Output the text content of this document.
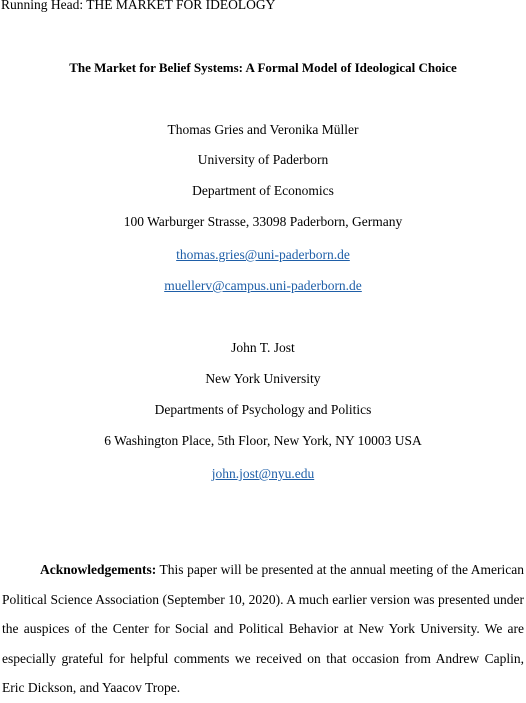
Running Head: THE MARKET FOR IDEOLOGY
The Market for Belief Systems: A Formal Model of Ideological Choice
Thomas Gries and Veronika Müller
University of Paderborn
Department of Economics
100 Warburger Strasse, 33098 Paderborn, Germany
thomas.gries@uni-paderborn.de
muellerv@campus.uni-paderborn.de
John T. Jost
New York University
Departments of Psychology and Politics
6 Washington Place, 5th Floor, New York, NY 10003 USA
john.jost@nyu.edu

Acknowledgements: This paper will be presented at the annual meeting of the American Political Science Association (September 10, 2020). A much earlier version was presented under the auspices of the Center for Social and Political Behavior at New York University. We are especially grateful for helpful comments we received on that occasion from Andrew Caplin, Eric Dickson, and Yaacov Trope.
